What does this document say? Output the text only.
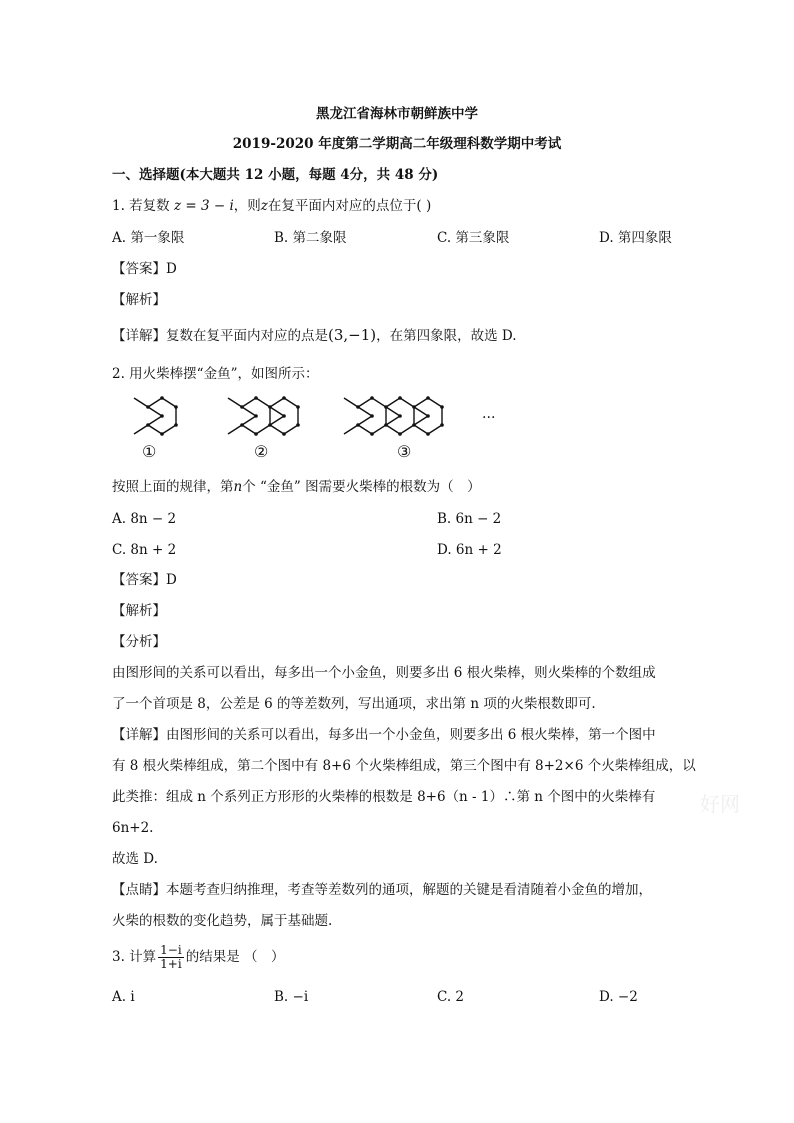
黑龙江省海林市朝鲜族中学
2019-2020 年度第二学期高二年级理科数学期中考试
一、选择题(本大题共 12 小题，每题 4分，共 48 分)
1. 若复数 z = 3 − i，则z在复平面内对应的点位于( )
A. 第一象限	B. 第二象限	C. 第三象限	D. 第四象限
【答案】D
【解析】
【详解】复数在复平面内对应的点是(3,−1)，在第四象限，故选 D.
2. 用火柴棒摆“金鱼”，如图所示：
…
①	②	③
按照上面的规律，第n个 “金鱼” 图需要火柴棒的根数为（　）
A. 8n − 2	B. 6n − 2
C. 8n + 2	D. 6n + 2
【答案】D
【解析】
【分析】
由图形间的关系可以看出，每多出一个小金鱼，则要多出 6 根火柴棒，则火柴棒的个数组成
了一个首项是 8，公差是 6 的等差数列，写出通项，求出第 n 项的火柴根数即可.
【详解】由图形间的关系可以看出，每多出一个小金鱼，则要多出 6 根火柴棒，第一个图中
有 8 根火柴棒组成，第二个图中有 8+6 个火柴棒组成，第三个图中有 8+2×6 个火柴棒组成，以
此类推：组成 n 个系列正方形形的火柴棒的根数是 8+6（n - 1）∴第 n 个图中的火柴棒有
6n+2.
故选 D.
【点睛】本题考查归纳推理，考查等差数列的通项，解题的关键是看清随着小金鱼的增加，
火柴的根数的变化趋势，属于基础题.
3. 计算 $\frac{1-i}{1+i}$ 的结果是 （　）
A. i	B. −i	C. 2	D. −2
好网
